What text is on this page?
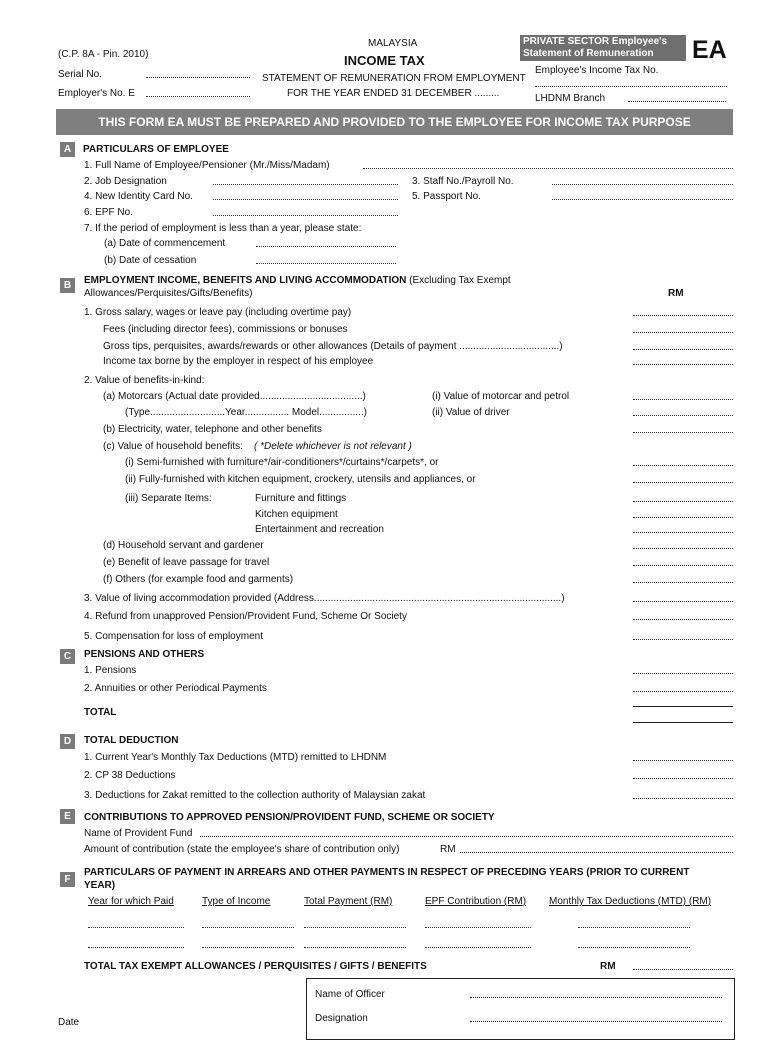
(C.P. 8A - Pin. 2010)
MALAYSIA
INCOME TAX
STATEMENT OF REMUNERATION FROM EMPLOYMENT
FOR THE YEAR ENDED 31 DECEMBER .........
Serial No.
Employer's No. E
PRIVATE SECTOR Employee's
Statement of Remuneration	EA
Employee's Income Tax No.
LHDNM Branch
THIS FORM EA MUST BE PREPARED AND PROVIDED TO THE EMPLOYEE FOR INCOME TAX PURPOSE
A	PARTICULARS OF EMPLOYEE
1. Full Name of Employee/Pensioner (Mr./Miss/Madam)
2. Job Designation	3. Staff No./Payroll No.
4. New Identity Card No.	5. Passport No.
6. EPF No.
7. If the period of employment is less than a year, please state:
(a) Date of commencement
(b) Date of cessation
B	EMPLOYMENT INCOME, BENEFITS AND LIVING ACCOMMODATION (Excluding Tax Exempt
Allowances/Perquisites/Gifts/Benefits)	RM
1. Gross salary, wages or leave pay (including overtime pay)
Fees (including director fees), commissions or bonuses
Gross tips, perquisites, awards/rewards or other allowances (Details of payment ....................................)
Income tax borne by the employer in respect of his employee
2. Value of benefits-in-kind:
(a) Motorcars (Actual date provided.....................................)	(i) Value of motorcar and petrol
(Type...........................Year................ Model................)	(ii) Value of driver
(b) Electricity, water, telephone and other benefits
(c) Value of household benefits: ( *Delete whichever is not relevant )
(i) Semi-furnished with furniture*/air-conditioners*/curtains*/carpets*, or
(ii) Fully-furnished with kitchen equipment, crockery, utensils and appliances, or
(iii) Separate Items:	Furniture and fittings
Kitchen equipment
Entertainment and recreation
(d) Household servant and gardener
(e) Benefit of leave passage for travel
(f) Others (for example food and garments)
3. Value of living accommodation provided (Address.........................................................................................)
4. Refund from unapproved Pension/Provident Fund, Scheme Or Society
5. Compensation for loss of employment
C	PENSIONS AND OTHERS
1. Pensions
2. Annuities or other Periodical Payments
TOTAL
D	TOTAL DEDUCTION
1. Current Year's Monthly Tax Deductions (MTD) remitted to LHDNM
2. CP 38 Deductions
3. Deductions for Zakat remitted to the collection authority of Malaysian zakat
E	CONTRIBUTIONS TO APPROVED PENSION/PROVIDENT FUND, SCHEME OR SOCIETY
Name of Provident Fund
Amount of contribution (state the employee's share of contribution only)	RM
F
PARTICULARS OF PAYMENT IN ARREARS AND OTHER PAYMENTS IN RESPECT OF PRECEDING YEARS (PRIOR TO CURRENT
YEAR)
Year for which Paid	Type of Income	Total Payment (RM)	EPF Contribution (RM) Monthly Tax Deductions (MTD) (RM)
TOTAL TAX EXEMPT ALLOWANCES / PERQUISITES / GIFTS / BENEFITS	RM
Name of Officer
Designation
Date
